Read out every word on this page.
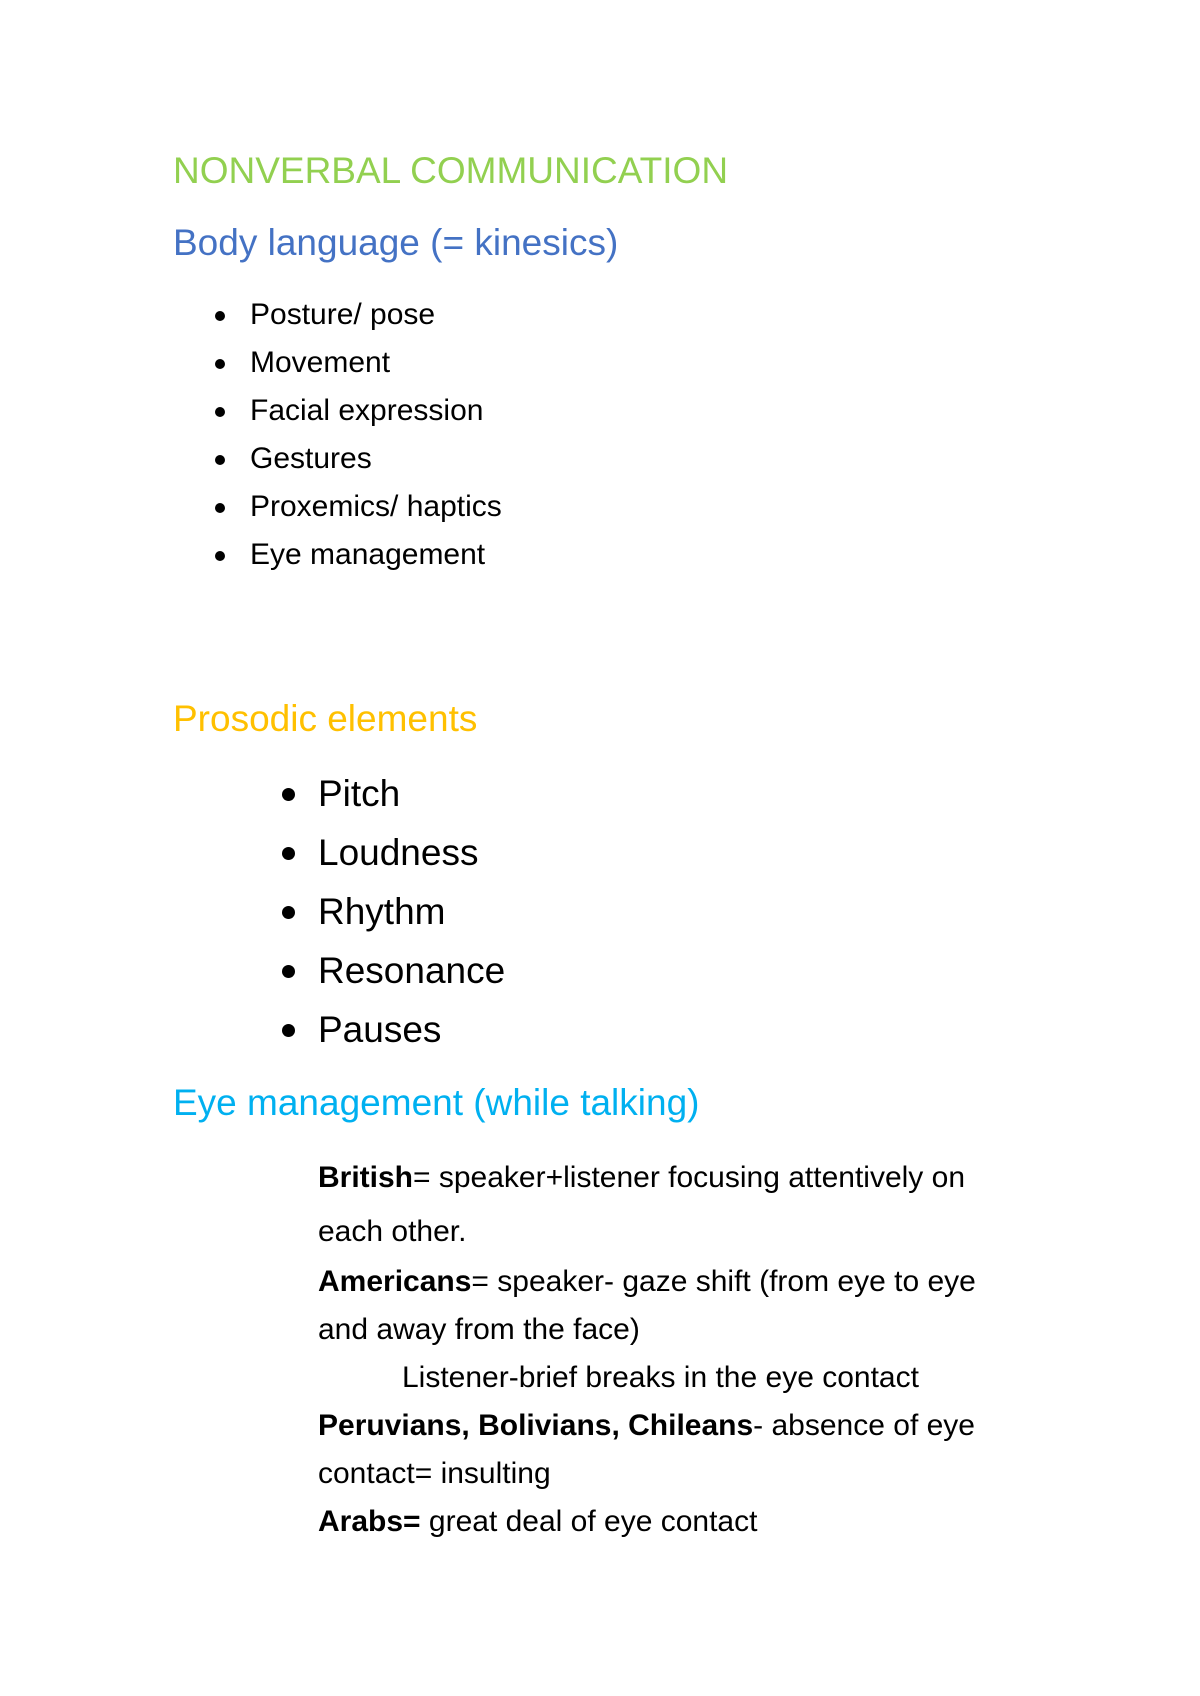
NONVERBAL COMMUNICATION
Body language (= kinesics)
Posture/ pose
Movement
Facial expression
Gestures
Proxemics/ haptics
Eye management
Prosodic elements
Pitch
Loudness
Rhythm
Resonance
Pauses
Eye management (while talking)
British= speaker+listener focusing attentively on
each other.
Americans= speaker- gaze shift (from eye to eye
and away from the face)
Listener-brief breaks in the eye contact
Peruvians, Bolivians, Chileans- absence of eye
contact= insulting
Arabs= great deal of eye contact
